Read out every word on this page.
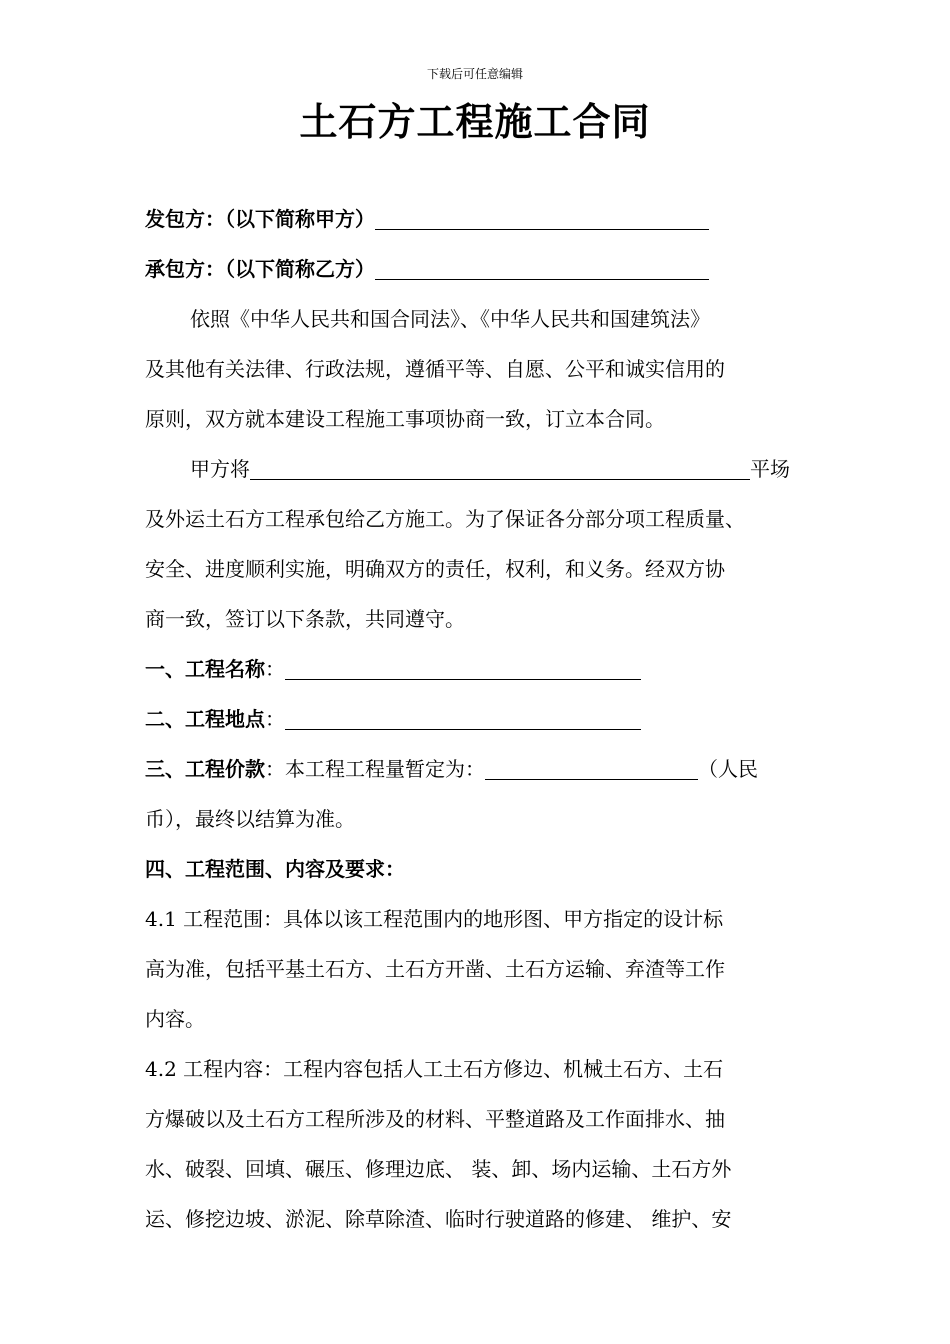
下载后可任意编辑
土石方工程施工合同
发包方：（以下简称甲方）
承包方：（以下简称乙方）
依照《中华人民共和国合同法》、《中华人民共和国建筑法》
及其他有关法律、行政法规，遵循平等、自愿、公平和诚实信用的
原则，双方就本建设工程施工事项协商一致，订立本合同。
甲方将	平场
及外运土石方工程承包给乙方施工。为了保证各分部分项工程质量、
安全、进度顺利实施，明确双方的责任，权利，和义务。经双方协
商一致，签订以下条款，共同遵守。
一、工程名称：
二、工程地点：
三、工程价款：本工程工程量暂定为：	（人民
币），最终以结算为准。
四、工程范围、内容及要求：
4.1 工程范围：具体以该工程范围内的地形图、甲方指定的设计标
高为准，包括平基土石方、土石方开凿、土石方运输、弃渣等工作
内容。
4.2 工程内容：工程内容包括人工土石方修边、机械土石方、土石
方爆破以及土石方工程所涉及的材料、平整道路及工作面排水、抽
水、破裂、回填、碾压、修理边底、 装、卸、场内运输、土石方外
运、修挖边坡、淤泥、除草除渣、临时行驶道路的修建、 维护、安
